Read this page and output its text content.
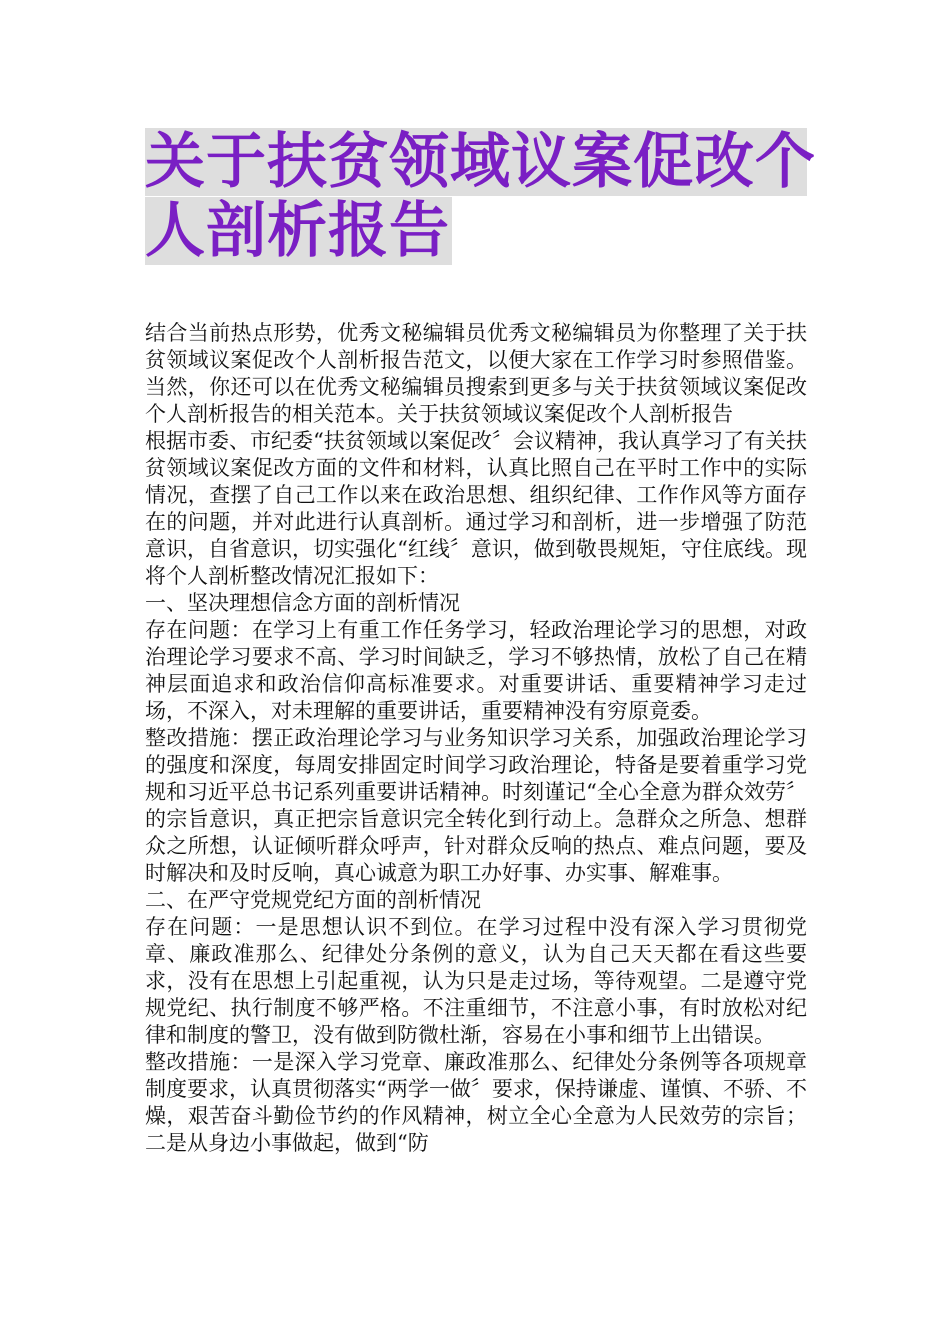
关于扶贫领域议案促改个
人剖析报告

结合当前热点形势，优秀文秘编辑员优秀文秘编辑员为你整理了关于扶贫领域议案促改个人剖析报告范文，以便大家在工作学习时参照借鉴。当然，你还可以在优秀文秘编辑员搜索到更多与关于扶贫领域议案促改个人剖析报告的相关范本。关于扶贫领域议案促改个人剖析报告

根据市委、市纪委“扶贫领域以案促改〞会议精神，我认真学习了有关扶贫领域议案促改方面的文件和材料，认真比照自己在平时工作中的实际情况，查摆了自己工作以来在政治思想、组织纪律、工作作风等方面存在的问题，并对此进行认真剖析。通过学习和剖析，进一步增强了防范意识，自省意识，切实强化“红线〞意识，做到敬畏规矩，守住底线。现将个人剖析整改情况汇报如下：

一、坚决理想信念方面的剖析情况

存在问题：在学习上有重工作任务学习，轻政治理论学习的思想，对政治理论学习要求不高、学习时间缺乏，学习不够热情，放松了自己在精神层面追求和政治信仰高标准要求。对重要讲话、重要精神学习走过场，不深入，对未理解的重要讲话，重要精神没有穷原竟委。

整改措施：摆正政治理论学习与业务知识学习关系，加强政治理论学习的强度和深度，每周安排固定时间学习政治理论，特备是要着重学习党规和习近平总书记系列重要讲话精神。时刻谨记“全心全意为群众效劳〞的宗旨意识，真正把宗旨意识完全转化到行动上。急群众之所急、想群众之所想，认证倾听群众呼声，针对群众反响的热点、难点问题，要及时解决和及时反响，真心诚意为职工办好事、办实事、解难事。

二、在严守党规党纪方面的剖析情况

存在问题：一是思想认识不到位。在学习过程中没有深入学习贯彻党章、廉政准那么、纪律处分条例的意义，认为自己天天都在看这些要求，没有在思想上引起重视，认为只是走过场，等待观望。二是遵守党规党纪、执行制度不够严格。不注重细节，不注意小事，有时放松对纪律和制度的警卫，没有做到防微杜渐，容易在小事和细节上出错误。

整改措施：一是深入学习党章、廉政准那么、纪律处分条例等各项规章制度要求，认真贯彻落实“两学一做〞要求，保持谦虚、谨慎、不骄、不燥，艰苦奋斗勤俭节约的作风精神，树立全心全意为人民效劳的宗旨；二是从身边小事做起，做到“防
